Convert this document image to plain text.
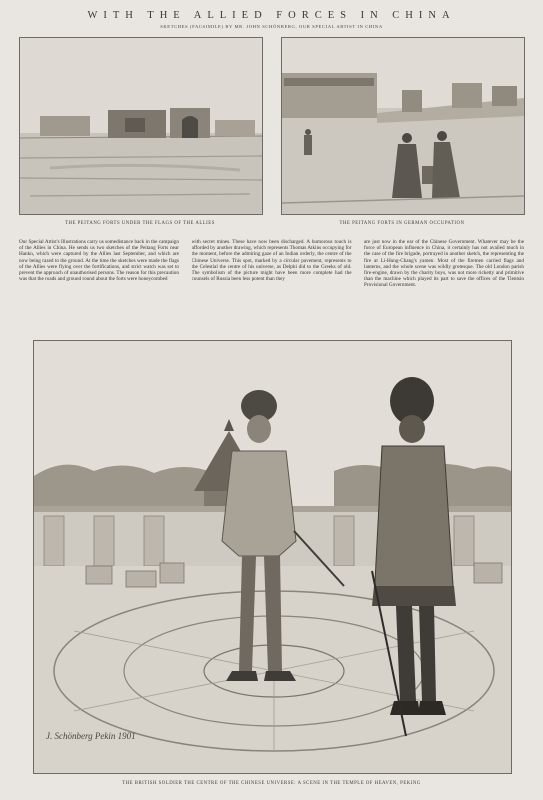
WITH THE ALLIED FORCES IN CHINA
SKETCHES (FACSIMILE) BY MR. JOHN SCHÖNBERG, OUR SPECIAL ARTIST IN CHINA
THE PEITANG FORTS UNDER THE FLAGS OF THE ALLIES	THE PEITANG FORTS IN GERMAN OCCUPATION
Our Special Artist's Illustrations carry us somedistance back in the campaign of the Allies in China. He sends us two sketches of the Peitang Forts near Hankn, which were captured by the Allies last September, and which are now being razed to the ground. At the time the sketches were made the flags of the Allies were flying over the fortifications, and strict watch was set to prevent the approach of unauthorised persons. The reason for this precaution was that the roads and ground round about the forts were honeycombed
with secret mines. These have now been discharged. A humorous touch is afforded by another drawing, which represents Thomas Atkins occupying for the moment, before the admiring gaze of an Indian orderly, the centre of the Chinese Universe. This spot, marked by a circular pavement, represents to the Celestial the centre of his universe, as Delphi did to the Greeks of old. The symbolism of the picture might have been more complete had the counsels of Russia been less potent than they
are just now in the ear of the Chinese Government. Whatever may be the force of European influence in China, it certainly has not availed much in the case of the fire brigade, portrayed in another sketch, the representing the fire at Li-Hung-Chang's yamen. Most of the firemen carried flags and lanterns, and the whole scene was wildly grotesque. The old London parish fire-engine, drawn by the charity boys, was not more ricketty and primitive than the machine which played its part to save the offices of the Tientsin Provisional Government.
J. Schönberg Pekin 1901
THE BRITISH SOLDIER THE CENTRE OF THE CHINESE UNIVERSE: A SCENE IN THE TEMPLE OF HEAVEN, PEKING
